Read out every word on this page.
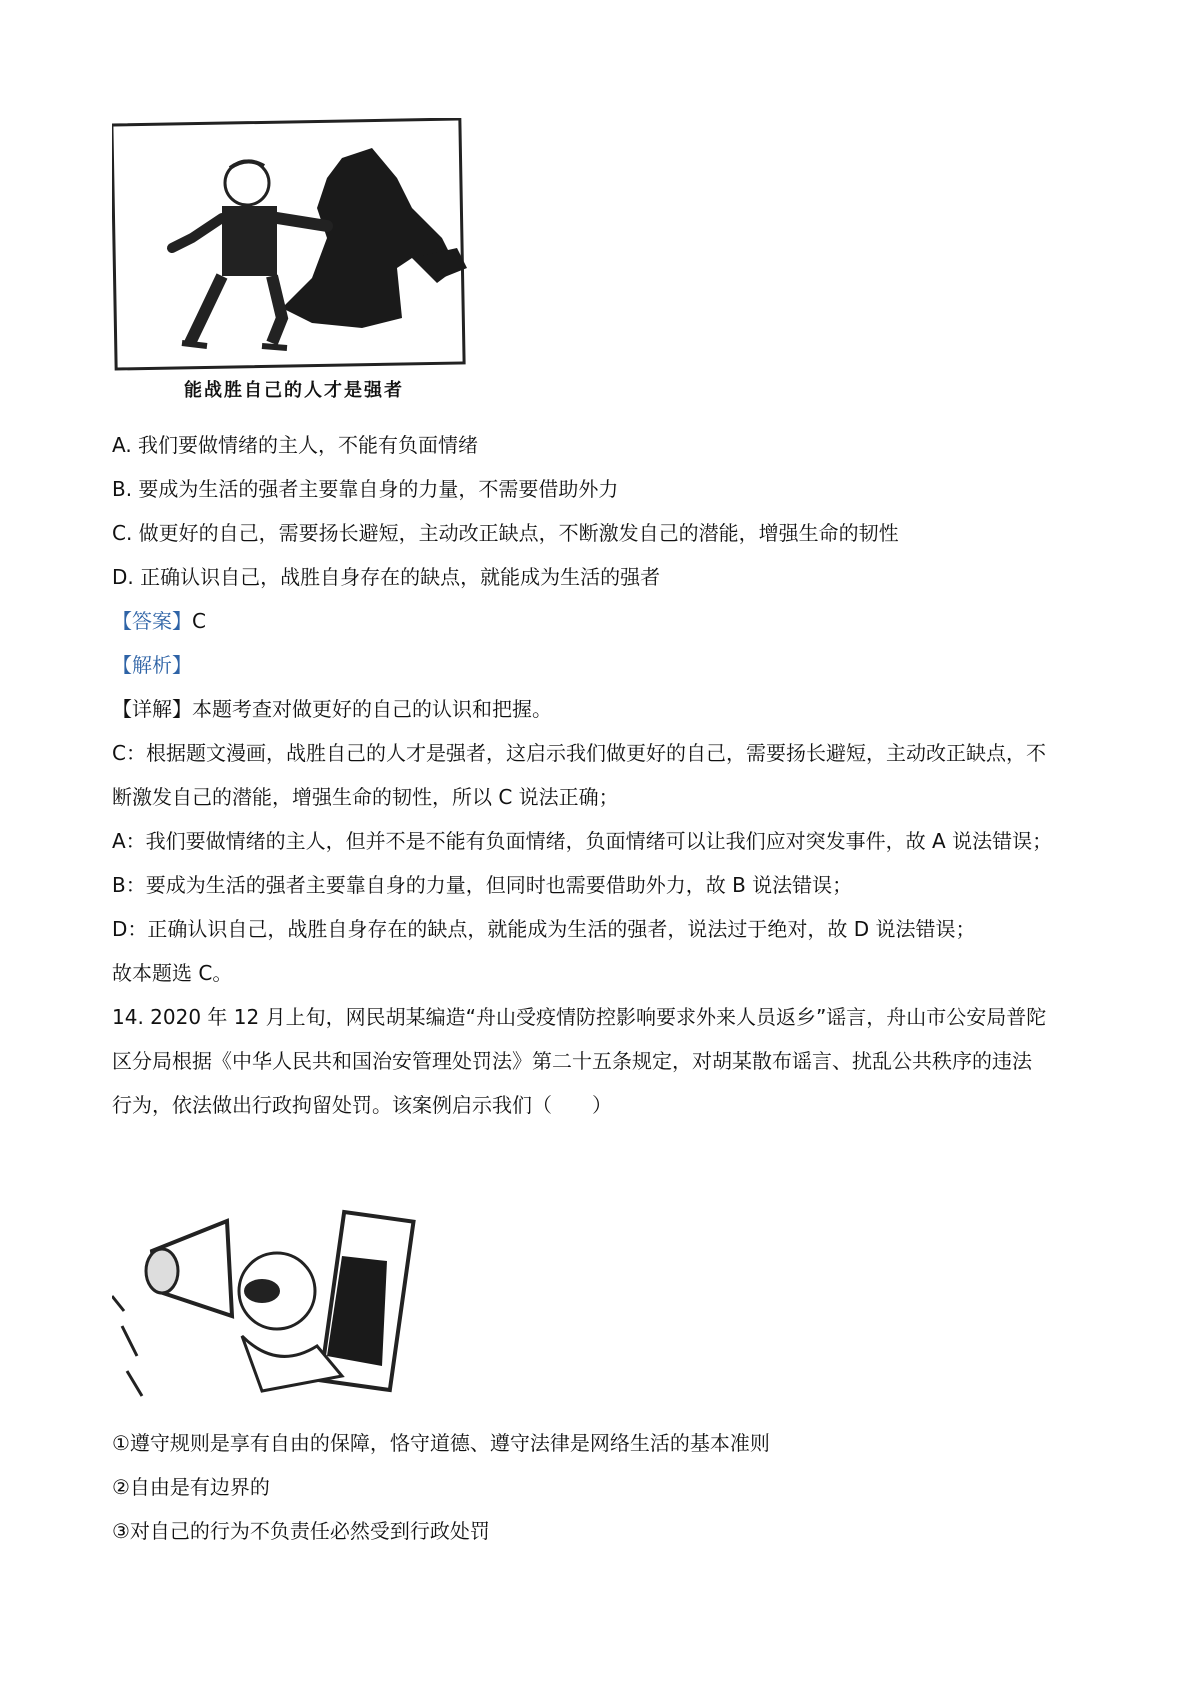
能战胜自己的人才是强者
A. 我们要做情绪的主人，不能有负面情绪
B. 要成为生活的强者主要靠自身的力量，不需要借助外力
C. 做更好的自己，需要扬长避短，主动改正缺点，不断激发自己的潜能，增强生命的韧性
D. 正确认识自己，战胜自身存在的缺点，就能成为生活的强者
【答案】C
【解析】
【详解】本题考查对做更好的自己的认识和把握。
C：根据题文漫画，战胜自己的人才是强者，这启示我们做更好的自己，需要扬长避短，主动改正缺点，不
断激发自己的潜能，增强生命的韧性，所以 C 说法正确；
A：我们要做情绪的主人，但并不是不能有负面情绪，负面情绪可以让我们应对突发事件，故 A 说法错误；
B：要成为生活的强者主要靠自身的力量，但同时也需要借助外力，故 B 说法错误；
D：正确认识自己，战胜自身存在的缺点，就能成为生活的强者，说法过于绝对，故 D 说法错误；
故本题选 C。
14. 2020 年 12 月上旬，网民胡某编造“舟山受疫情防控影响要求外来人员返乡”谣言，舟山市公安局普陀
区分局根据《中华人民共和国治安管理处罚法》第二十五条规定，对胡某散布谣言、扰乱公共秩序的违法
行为，依法做出行政拘留处罚。该案例启示我们（　　）
①遵守规则是享有自由的保障，恪守道德、遵守法律是网络生活的基本准则
②自由是有边界的
③对自己的行为不负责任必然受到行政处罚
